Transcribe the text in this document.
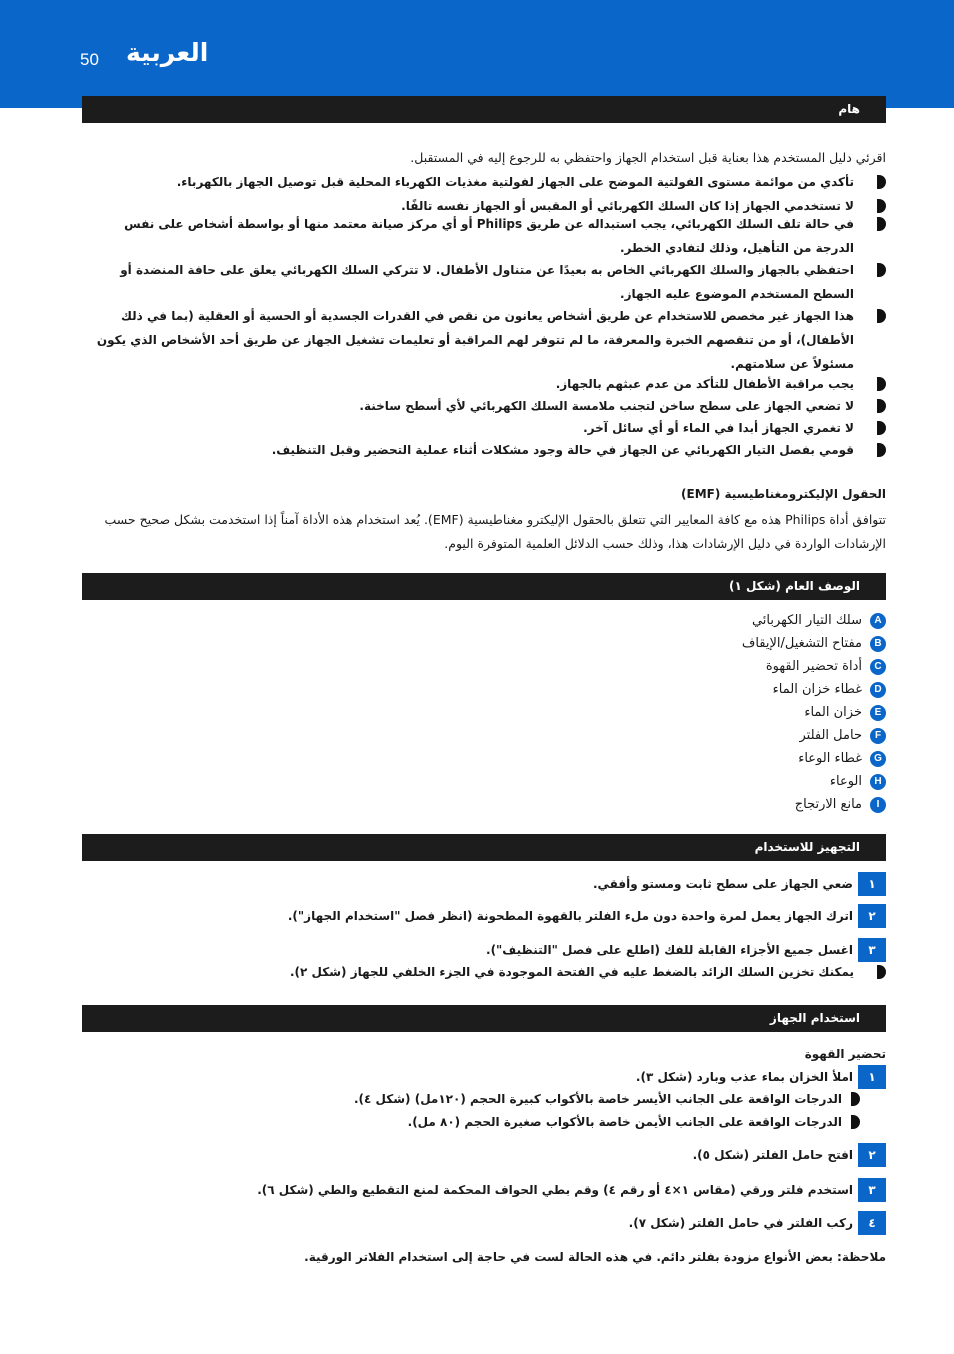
50 العربية
هام
اقرئي دليل المستخدم هذا بعناية قبل استخدام الجهاز واحتفظي به للرجوع إليه في المستقبل.
تأكدي من موائمة مستوى الفولتية الموضح على الجهاز لفولتية مغذيات الكهرباء المحلية قبل توصيل الجهاز بالكهرباء.
لا تستخدمي الجهاز إذا كان السلك الكهربائي أو المقبس أو الجهاز نفسه تالفًا.
في حالة تلف السلك الكهربائي، يجب استبداله عن طريق Philips أو أي مركز صيانة معتمد منها أو بواسطة أشخاص على نفس الدرجة من التأهيل، وذلك لتفادي الخطر.
احتفظي بالجهاز والسلك الكهربائي الخاص به بعيدًا عن متناول الأطفال. لا تتركي السلك الكهربائي يعلق على حافة المنضدة أو السطح المستخدم الموضوع عليه الجهاز.
هذا الجهاز غير مخصص للاستخدام عن طريق أشخاص يعانون من نقص في القدرات الجسدية أو الحسية أو العقلية (بما في ذلك الأطفال)، أو من تنقصهم الخبرة والمعرفة، ما لم تتوفر لهم المراقبة أو تعليمات تشغيل الجهاز عن طريق أحد الأشخاص الذي يكون مسئولاً عن سلامتهم.
يجب مراقبة الأطفال للتأكد من عدم عبثهم بالجهاز.
لا تضعي الجهاز على سطح ساخن لتجنب ملامسة السلك الكهربائي لأي أسطح ساخنة.
لا تغمري الجهاز أبدا في الماء أو أي سائل آخر.
قومي بفصل التيار الكهربائي عن الجهاز في حالة وجود مشكلات أثناء عملية التحضير وقبل التنظيف.
الحقول الإليكترومغناطيسية (EMF)
تتوافق أداة Philips هذه مع كافة المعايير التي تتعلق بالحقول الإليكترو مغناطيسية (EMF). يُعد استخدام هذه الأداة آمناً إذا استخدمت بشكل صحيح حسب الإرشادات الواردة في دليل الإرشادات هذا، وذلك حسب الدلائل العلمية المتوفرة اليوم.
الوصف العام (شكل ١)
A
سلك التيار الكهربائي
B
مفتاح التشغيل/الإيقاف
C
أداة تحضير القهوة
D
غطاء خزان الماء
E
خزان الماء
F
حامل الفلتر
G
غطاء الوعاء
H
الوعاء
I
مانع الارتجاج
التجهيز للاستخدام
١
ضعي الجهاز على سطح ثابت ومستو وأفقي.
٢
اترك الجهاز يعمل لمرة واحدة دون ملء الفلتر بالقهوة المطحونة (انظر فصل "استخدام الجهاز").
٣
اغسل جميع الأجزاء القابلة للفك (اطلع على فصل "التنظيف").
يمكنك تخزين السلك الزائد بالضغط عليه في الفتحة الموجودة في الجزء الخلفي للجهاز (شكل ٢).
استخدام الجهاز
تحضير القهوة
١
املأ الخزان بماء عذب وبارد (شكل ٣).
الدرجات الواقعة على الجانب الأيسر خاصة بالأكواب كبيرة الحجم (١٢٠مل) (شكل ٤).
الدرجات الواقعة على الجانب الأيمن خاصة بالأكواب صغيرة الحجم (٨٠ مل).
٢
افتح حامل الفلتر (شكل ٥).
٣
استخدم فلتر ورقي (مقاس ١×٤ أو رقم ٤) وقم بطي الحواف المحكمة لمنع التقطيع والطي (شكل ٦).
٤
ركب الفلتر في حامل الفلتر (شكل ٧).
ملاحظة: بعض الأنواع مزودة بفلتر دائم. في هذه الحالة لست في حاجة إلى استخدام الفلاتر الورقية.
